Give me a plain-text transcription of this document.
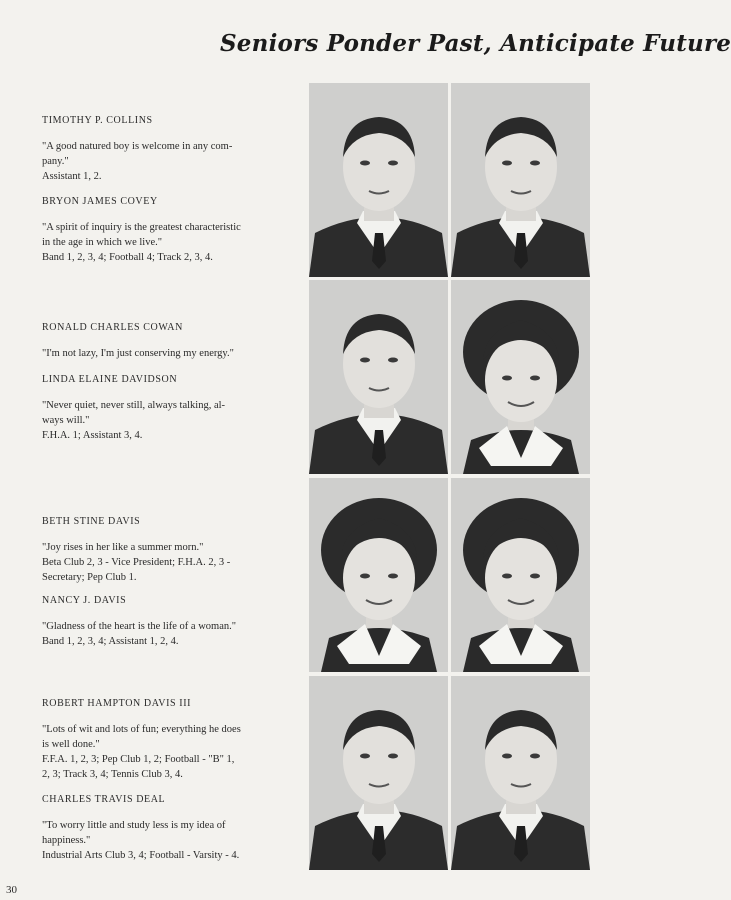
Seniors Ponder Past, Anticipate Future
TIMOTHY P. COLLINS
"A good natured boy is welcome in any com-
pany."
Assistant 1, 2.
BRYON JAMES COVEY
"A spirit of inquiry is the greatest characteristic
in the age in which we live."
Band 1, 2, 3, 4; Football 4; Track 2, 3, 4.
RONALD CHARLES COWAN
"I'm not lazy, I'm just conserving my energy."
LINDA ELAINE DAVIDSON
"Never quiet, never still, always talking, al-
ways will."
F.H.A. 1; Assistant 3, 4.
BETH STINE DAVIS
"Joy rises in her like a summer morn."
Beta Club 2, 3 - Vice President; F.H.A. 2, 3 -
Secretary; Pep Club 1.
NANCY J. DAVIS
"Gladness of the heart is the life of a woman."
Band 1, 2, 3, 4; Assistant 1, 2, 4.
ROBERT HAMPTON DAVIS III
"Lots of wit and lots of fun; everything he does
is well done."
F.F.A. 1, 2, 3; Pep Club 1, 2; Football - "B" 1,
2, 3; Track 3, 4; Tennis Club 3, 4.
CHARLES TRAVIS DEAL
"To worry little and study less is my idea of
happiness."
Industrial Arts Club 3, 4; Football - Varsity - 4.
30
